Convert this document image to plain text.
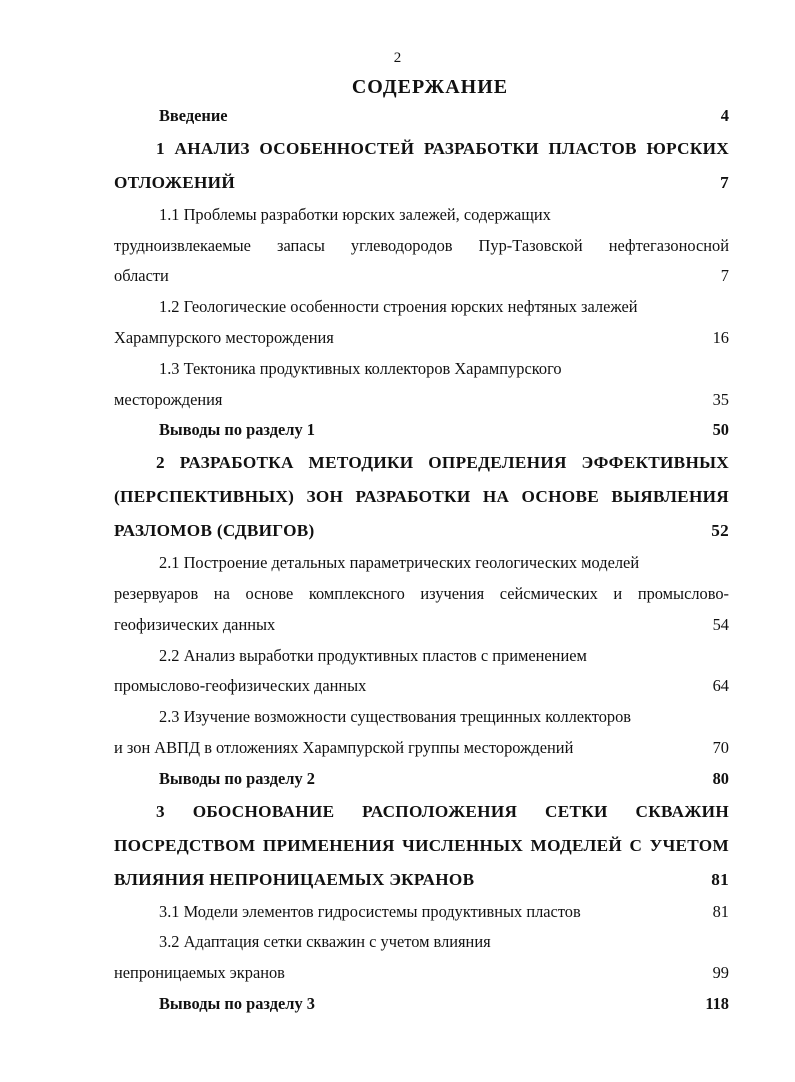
2
СОДЕРЖАНИЕ
Введение	4
1 АНАЛИЗ ОСОБЕННОСТЕЙ РАЗРАБОТКИ ПЛАСТОВ ЮРСКИХ
ОТЛОЖЕНИЙ	7
1.1 Проблемы разработки юрских залежей, содержащих
трудноизвлекаемые запасы углеводородов Пур-Тазовской нефтегазоносной
области	7
1.2 Геологические особенности строения юрских нефтяных залежей
Харампурского месторождения	16
1.3 Тектоника продуктивных коллекторов Харампурского
месторождения	35
Выводы по разделу 1	50
2 РАЗРАБОТКА МЕТОДИКИ ОПРЕДЕЛЕНИЯ ЭФФЕКТИВНЫХ
(ПЕРСПЕКТИВНЫХ) ЗОН РАЗРАБОТКИ НА ОСНОВЕ ВЫЯВЛЕНИЯ
РАЗЛОМОВ (СДВИГОВ)	52
2.1 Построение детальных параметрических геологических моделей
резервуаров на основе комплексного изучения сейсмических и промыслово-
геофизических данных	54
2.2 Анализ выработки продуктивных пластов с применением
промыслово-геофизических данных	64
2.3 Изучение возможности существования трещинных коллекторов
и зон АВПД в отложениях Харампурской группы месторождений	70
Выводы по разделу 2	80
3 ОБОСНОВАНИЕ РАСПОЛОЖЕНИЯ СЕТКИ СКВАЖИН
ПОСРЕДСТВОМ ПРИМЕНЕНИЯ ЧИСЛЕННЫХ МОДЕЛЕЙ С УЧЕТОМ
ВЛИЯНИЯ НЕПРОНИЦАЕМЫХ ЭКРАНОВ	81
3.1 Модели элементов гидросистемы продуктивных пластов	81
3.2 Адаптация сетки скважин с учетом влияния
непроницаемых экранов	99
Выводы по разделу 3	118
